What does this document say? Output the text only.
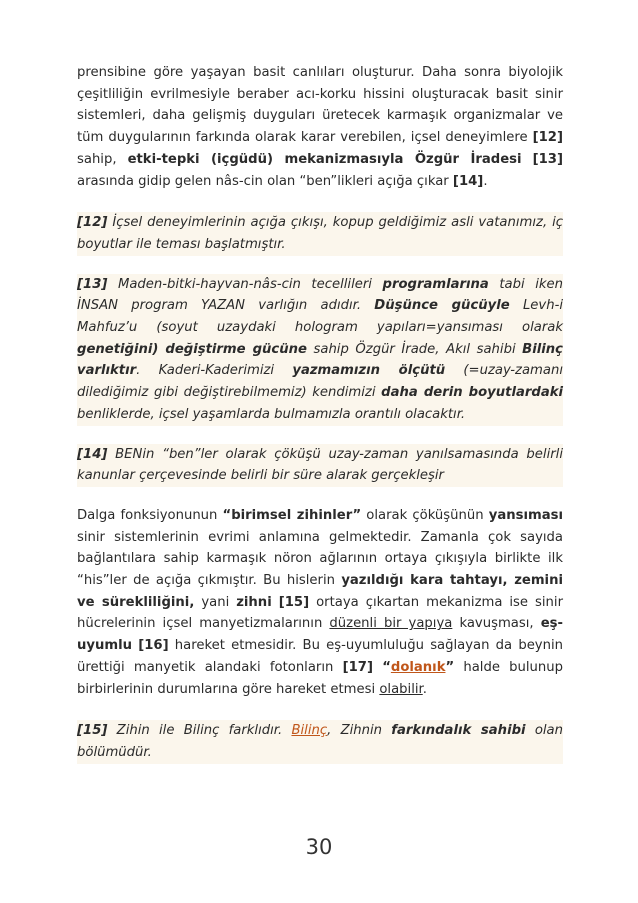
prensibine göre yaşayan basit canlıları oluşturur. Daha sonra biyolojik çeşitliliğin evrilmesiyle beraber acı-korku hissini oluşturacak basit sinir sistemleri, daha gelişmiş duyguları üretecek karmaşık organizmalar ve tüm duygularının farkında olarak karar verebilen, içsel deneyimlere [12] sahip, etki-tepki (içgüdü) mekanizmasıyla Özgür İradesi [13] arasında gidip gelen nâs-cin olan “ben”likleri açığa çıkar [14].

[12] İçsel deneyimlerinin açığa çıkışı, kopup geldiğimiz asli vatanımız, iç boyutlar ile teması başlatmıştır.

[13] Maden-bitki-hayvan-nâs-cin tecellileri programlarına tabi iken İNSAN program YAZAN varlığın adıdır. Düşünce gücüyle Levh-i Mahfuz’u (soyut uzaydaki hologram yapıları=yansıması olarak genetiğini) değiştirme gücüne sahip Özgür İrade, Akıl sahibi Bilinç varlıktır. Kaderi-Kaderimizi yazmamızın ölçütü (=uzay-zamanı dilediğimiz gibi değiştirebilmemiz) kendimizi daha derin boyutlardaki benliklerde, içsel yaşamlarda bulmamızla orantılı olacaktır.

[14] BENin “ben”ler olarak çöküşü uzay-zaman yanılsamasında belirli kanunlar çerçevesinde belirli bir süre alarak gerçekleşir

Dalga fonksiyonunun “birimsel zihinler” olarak çöküşünün yansıması sinir sistemlerinin evrimi anlamına gelmektedir. Zamanla çok sayıda bağlantılara sahip karmaşık nöron ağlarının ortaya çıkışıyla birlikte ilk “his”ler de açığa çıkmıştır. Bu hislerin yazıldığı kara tahtayı, zemini ve sürekliliğini, yani zihni [15] ortaya çıkartan mekanizma ise sinir hücrelerinin içsel manyetizmalarının düzenli bir yapıya kavuşması, eş-uyumlu [16] hareket etmesidir. Bu eş-uyumluluğu sağlayan da beynin ürettiği manyetik alandaki fotonların [17] “dolanık” halde bulunup birbirlerinin durumlarına göre hareket etmesi olabilir.

[15] Zihin ile Bilinç farklıdır. Bilinç, Zihnin farkındalık sahibi olan bölümüdür.

30
